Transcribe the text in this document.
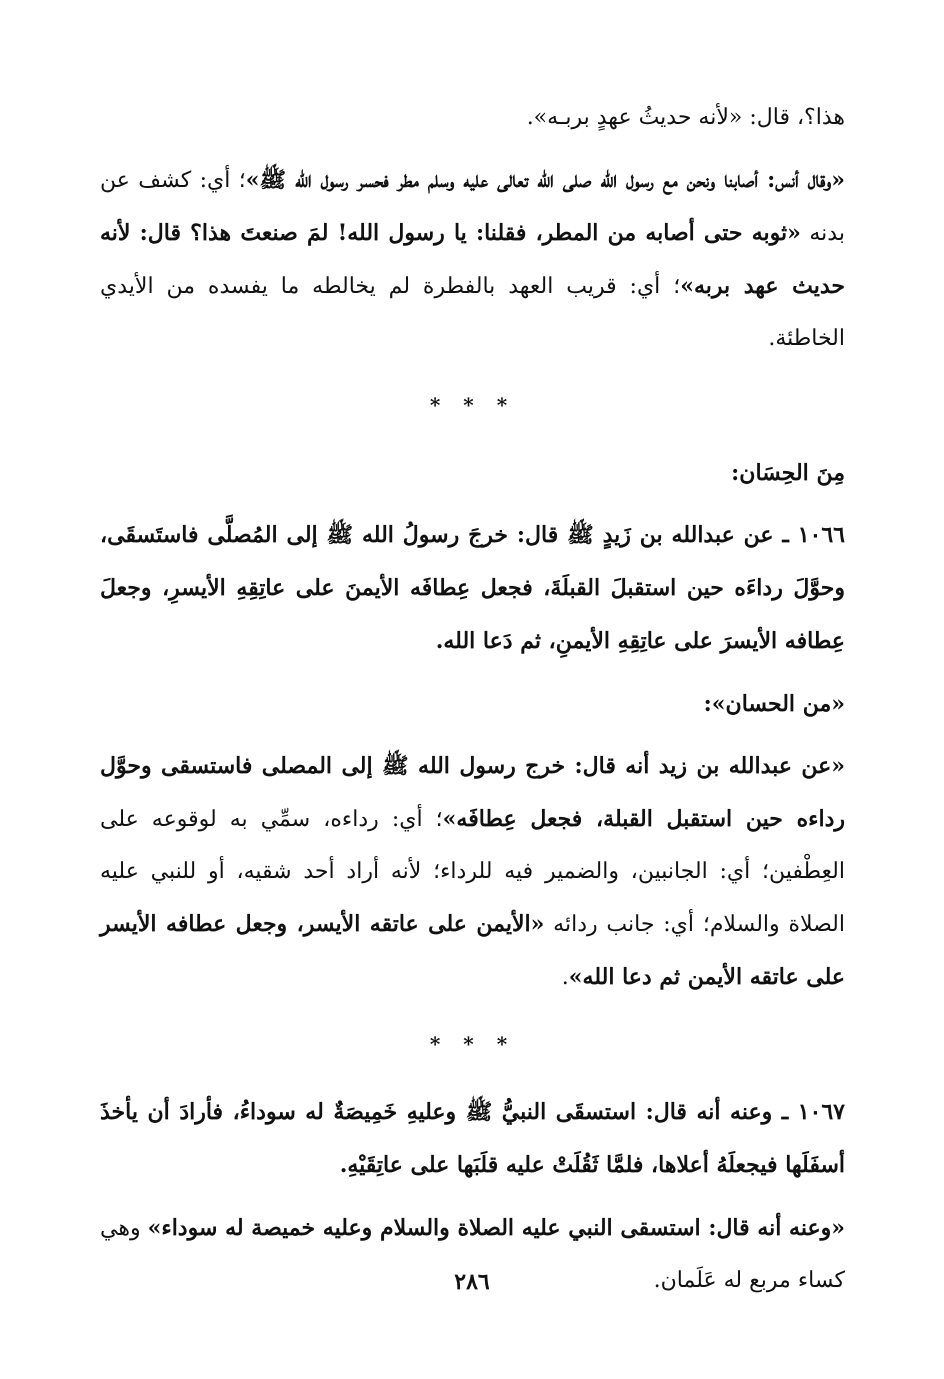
هذا؟، قال: «لأنه حديثُ عهدٍ بربـه».

«وقال أنس: أصابنا ونحن مع رسول الله صلى الله تعالى عليه وسلم مطر فحسر رسول الله ﷺ»؛ أي: كشف عن بدنه «ثوبه حتى أصابه من المطر، فقلنا: يا رسول الله! لمَ صنعتَ هذا؟ قال: لأنه حديث عهد بربه»؛ أي: قريب العهد بالفطرة لم يخالطه ما يفسده من الأيدي الخاطئة.

* * *

مِنَ الحِسَان:

١٠٦٦ ـ عن عبدالله بن زَيدٍ ﷺ قال: خرجَ رسولُ الله ﷺ إلى المُصلَّى فاستَسقَى، وحوَّلَ رداءَه حين استقبلَ القبلَةَ، فجعل عِطافَه الأيمنَ على عاتِقِهِ الأيسرِ، وجعلَ عِطافه الأيسرَ على عاتِقِهِ الأيمنِ، ثم دَعا الله.

«من الحسان»:

«عن عبدالله بن زيد أنه قال: خرج رسول الله ﷺ إلى المصلى فاستسقى وحوَّل رداءه حين استقبل القبلة، فجعل عِطافَه»؛ أي: رداءه، سمِّي به لوقوعه على العِطْفين؛ أي: الجانبين، والضمير فيه للرداء؛ لأنه أراد أحد شقيه، أو للنبي عليه الصلاة والسلام؛ أي: جانب ردائه «الأيمن على عاتقه الأيسر، وجعل عطافه الأيسر على عاتقه الأيمن ثم دعا الله».

* * *

١٠٦٧ ـ وعنه أنه قال: استسقَى النبيُّ ﷺ وعليهِ خَمِيصَةٌ له سوداءُ، فأرادَ أن يأخذَ أسفَلَها فيجعلَهُ أعلاها، فلمَّا ثَقُلَتْ عليه قلَبَها على عاتِقَيْهِ.

«وعنه أنه قال: استسقى النبي عليه الصلاة والسلام وعليه خميصة له سوداء» وهي كساء مربع له عَلَمان.

٢٨٦
